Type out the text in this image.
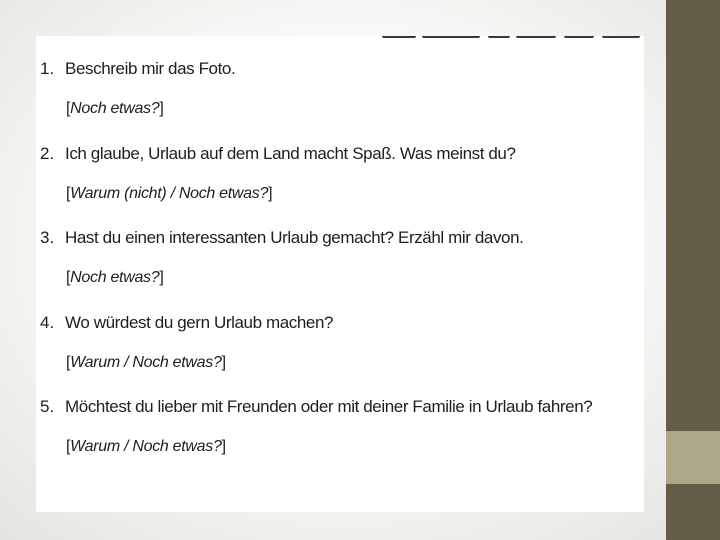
1. Beschreib mir das Foto.
[Noch etwas?]
2. Ich glaube, Urlaub auf dem Land macht Spaß. Was meinst du?
[Warum (nicht) / Noch etwas?]
3. Hast du einen interessanten Urlaub gemacht? Erzähl mir davon.
[Noch etwas?]
4. Wo würdest du gern Urlaub machen?
[Warum / Noch etwas?]
5. Möchtest du lieber mit Freunden oder mit deiner Familie in Urlaub fahren?
[Warum / Noch etwas?]
